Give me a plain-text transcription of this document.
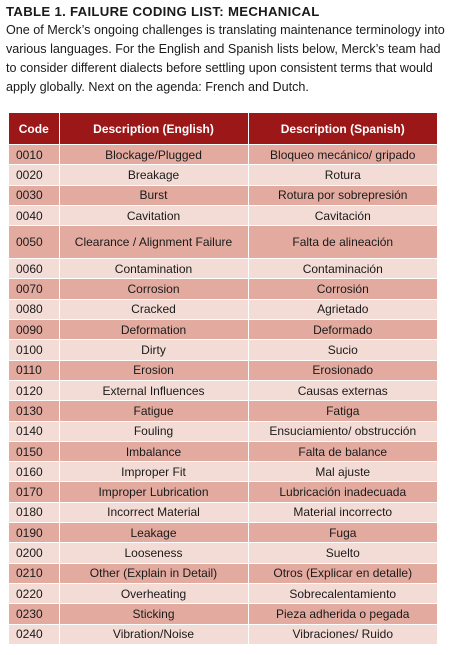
TABLE 1. FAILURE CODING LIST: MECHANICAL
One of Merck’s ongoing challenges is translating maintenance terminology into various languages. For the English and Spanish lists below, Merck’s team had to consider different dialects before settling upon consistent terms that would apply globally. Next on the agenda: French and Dutch.
Code	Description (English)	Description (Spanish)
0010	Blockage/Plugged	Bloqueo mecánico/ gripado
0020	Breakage	Rotura
0030	Burst	Rotura por sobrepresión
0040	Cavitation	Cavitación
0050	Clearance / Alignment Failure	Falta de alineación
0060	Contamination	Contaminación
0070	Corrosion	Corrosión
0080	Cracked	Agrietado
0090	Deformation	Deformado
0100	Dirty	Sucio
0110	Erosion	Erosionado
0120	External Influences	Causas externas
0130	Fatigue	Fatiga
0140	Fouling	Ensuciamiento/ obstrucción
0150	Imbalance	Falta de balance
0160	Improper Fit	Mal ajuste
0170	Improper Lubrication	Lubricación inadecuada
0180	Incorrect Material	Material incorrecto
0190	Leakage	Fuga
0200	Looseness	Suelto
0210	Other (Explain in Detail)	Otros (Explicar en detalle)
0220	Overheating	Sobrecalentamiento
0230	Sticking	Pieza adherida o pegada
0240	Vibration/Noise	Vibraciones/ Ruido
